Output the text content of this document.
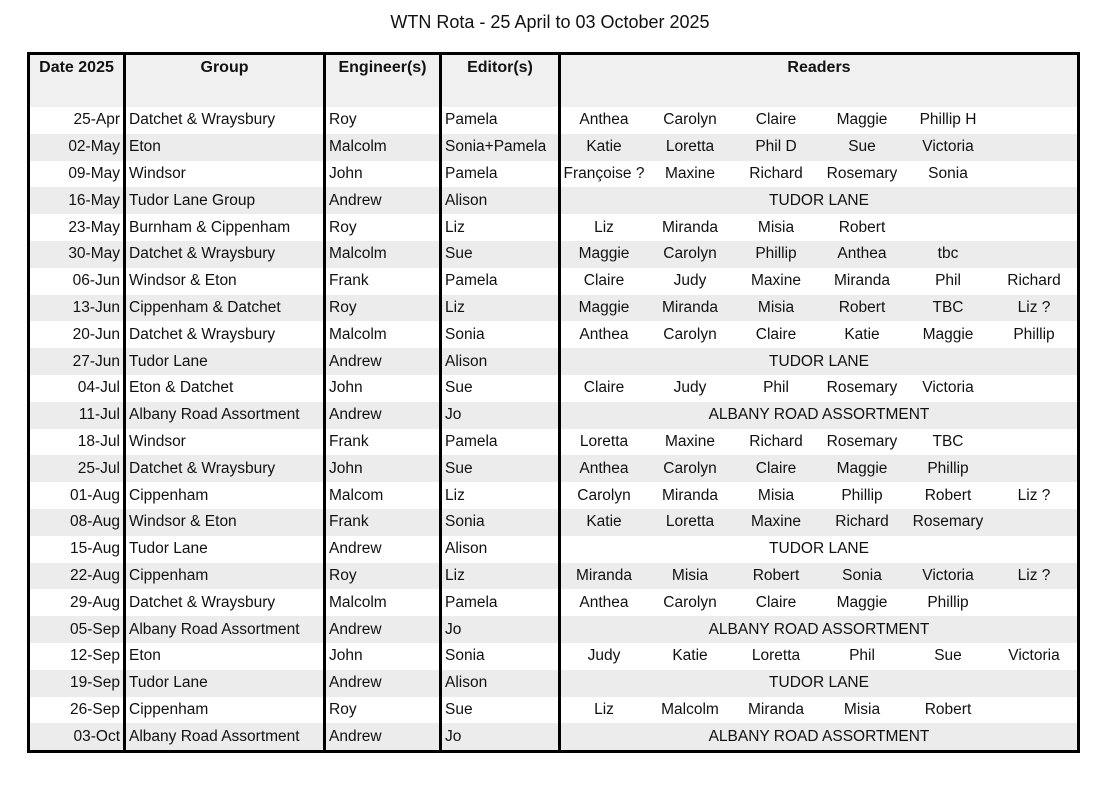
WTN Rota - 25 April to 03 October 2025
Date 2025	Group	Engineer(s)	Editor(s)	Readers					
25-Apr	Datchet & Wraysbury	Roy	Pamela	Anthea	Carolyn	Claire	Maggie	Phillip H	
02-May	Eton	Malcolm	Sonia+Pamela	Katie	Loretta	Phil D	Sue	Victoria	
09-May	Windsor	John	Pamela	Françoise ?	Maxine	Richard	Rosemary	Sonia	
16-May	Tudor Lane Group	Andrew	Alison	TUDOR LANE					
23-May	Burnham & Cippenham	Roy	Liz	Liz	Miranda	Misia	Robert		
30-May	Datchet & Wraysbury	Malcolm	Sue	Maggie	Carolyn	Phillip	Anthea	tbc	
06-Jun	Windsor & Eton	Frank	Pamela	Claire	Judy	Maxine	Miranda	Phil	Richard
13-Jun	Cippenham & Datchet	Roy	Liz	Maggie	Miranda	Misia	Robert	TBC	Liz ?
20-Jun	Datchet & Wraysbury	Malcolm	Sonia	Anthea	Carolyn	Claire	Katie	Maggie	Phillip
27-Jun	Tudor Lane	Andrew	Alison	TUDOR LANE					
04-Jul	Eton & Datchet	John	Sue	Claire	Judy	Phil	Rosemary	Victoria	
11-Jul	Albany Road Assortment	Andrew	Jo	ALBANY ROAD ASSORTMENT					
18-Jul	Windsor	Frank	Pamela	Loretta	Maxine	Richard	Rosemary	TBC	
25-Jul	Datchet & Wraysbury	John	Sue	Anthea	Carolyn	Claire	Maggie	Phillip	
01-Aug	Cippenham	Malcom	Liz	Carolyn	Miranda	Misia	Phillip	Robert	Liz ?
08-Aug	Windsor & Eton	Frank	Sonia	Katie	Loretta	Maxine	Richard	Rosemary	
15-Aug	Tudor Lane	Andrew	Alison	TUDOR LANE					
22-Aug	Cippenham	Roy	Liz	Miranda	Misia	Robert	Sonia	Victoria	Liz ?
29-Aug	Datchet & Wraysbury	Malcolm	Pamela	Anthea	Carolyn	Claire	Maggie	Phillip	
05-Sep	Albany Road Assortment	Andrew	Jo	ALBANY ROAD ASSORTMENT					
12-Sep	Eton	John	Sonia	Judy	Katie	Loretta	Phil	Sue	Victoria
19-Sep	Tudor Lane	Andrew	Alison	TUDOR LANE					
26-Sep	Cippenham	Roy	Sue	Liz	Malcolm	Miranda	Misia	Robert	
03-Oct	Albany Road Assortment	Andrew	Jo	ALBANY ROAD ASSORTMENT					
